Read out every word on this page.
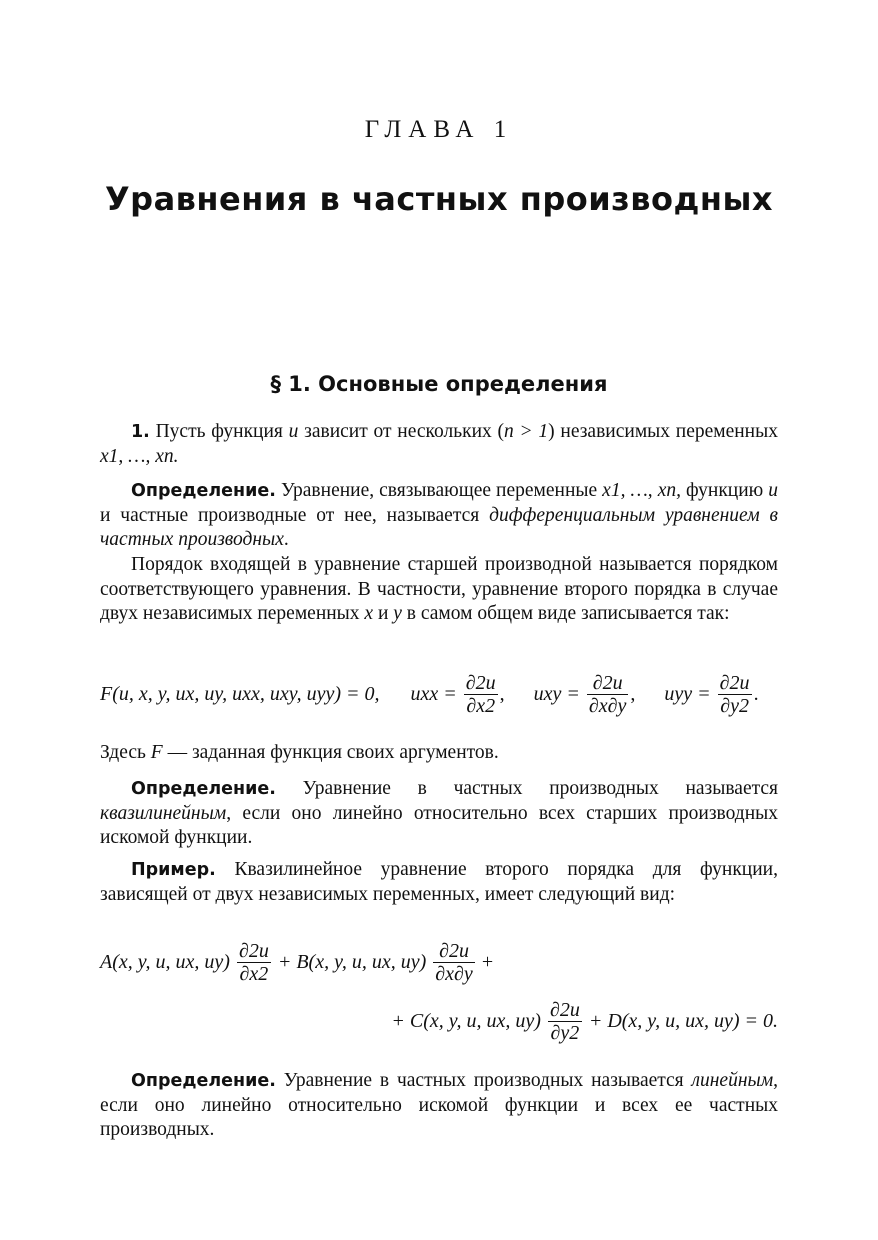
ГЛАВА 1
Уравнения в частных производных
§ 1. Основные определения
1. Пусть функция u зависит от нескольких (n > 1) независимых переменных x1, …, xn.
Определение. Уравнение, связывающее переменные x1, …, xn, функцию u и частные производные от нее, называется дифференциальным уравнением в частных производных.
Порядок входящей в уравнение старшей производной называется порядком соответствующего уравнения. В частности, уравнение второго порядка в случае двух независимых переменных x и y в самом общем виде записывается так:
F(u, x, y, ux, uy, uxx, uxy, uyy) = 0, uxx = $\frac{\partial 2u}{\partial x2}$ , uxy = $\frac{\partial 2u}{\partial x\partial y}$ , uyy = $\frac{\partial 2u}{\partial y2}$ .
Здесь F — заданная функция своих аргументов.
Определение. Уравнение в частных производных называется квазилинейным, если оно линейно относительно всех старших производных искомой функции.
Пример. Квазилинейное уравнение второго порядка для функции, зависящей от двух независимых переменных, имеет следующий вид:
A(x, y, u, ux, $uy) \frac{\partial 2u}{\partial x2} + B(x$, y, u, ux, $uy) \frac{\partial 2u}{\partial x\partial y}$ +
+ C(x, y, u, ux, $uy) \frac{\partial 2u}{\partial y2} + D(x$, y, u, ux, uy) = 0.
Определение. Уравнение в частных производных называется линейным, если оно линейно относительно искомой функции и всех ее частных производных.
